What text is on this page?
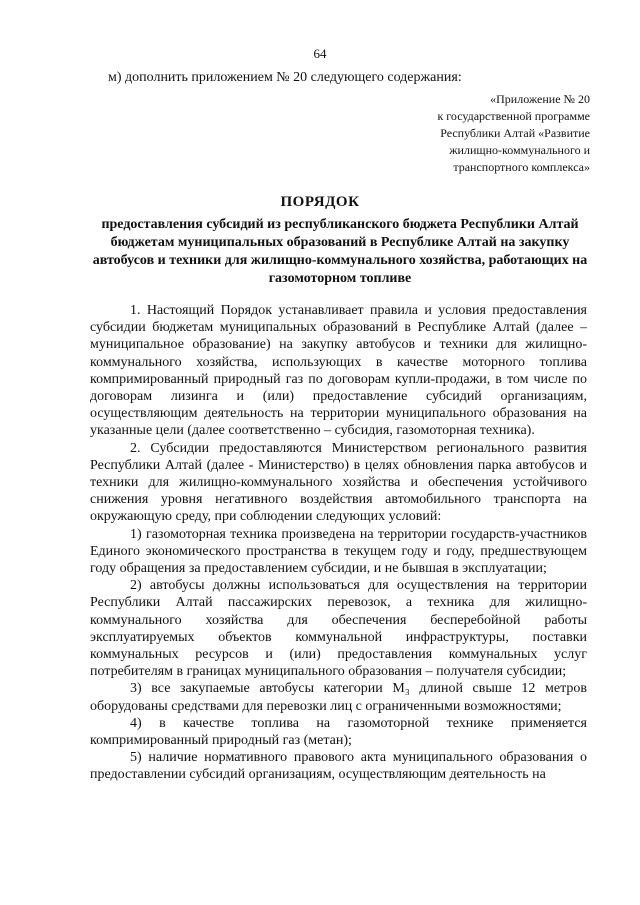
64
м) дополнить приложением № 20 следующего содержания:
«Приложение № 20
к государственной программе
Республики Алтай «Развитие
жилищно-коммунального и
транспортного комплекса»
ПОРЯДОК
предоставления субсидий из республиканского бюджета Республики Алтай бюджетам муниципальных образований в Республике Алтай на закупку автобусов и техники для жилищно-коммунального хозяйства, работающих на газомоторном топливе

1. Настоящий Порядок устанавливает правила и условия предоставления субсидии бюджетам муниципальных образований в Республике Алтай (далее – муниципальное образование) на закупку автобусов и техники для жилищно-коммунального хозяйства, использующих в качестве моторного топлива компримированный природный газ по договорам купли-продажи, в том числе по договорам лизинга и (или) предоставление субсидий организациям, осуществляющим деятельность на территории муниципального образования на указанные цели (далее соответственно – субсидия, газомоторная техника).

2. Субсидии предоставляются Министерством регионального развития Республики Алтай (далее - Министерство) в целях обновления парка автобусов и техники для жилищно-коммунального хозяйства и обеспечения устойчивого снижения уровня негативного воздействия автомобильного транспорта на окружающую среду, при соблюдении следующих условий:

1) газомоторная техника произведена на территории государств-участников Единого экономического пространства в текущем году и году, предшествующем году обращения за предоставлением субсидии, и не бывшая в эксплуатации;

2) автобусы должны использоваться для осуществления на территории Республики Алтай пассажирских перевозок, а техника для жилищно-коммунального хозяйства для обеспечения бесперебойной работы эксплуатируемых объектов коммунальной инфраструктуры, поставки коммунальных ресурсов и (или) предоставления коммунальных услуг потребителям в границах муниципального образования – получателя субсидии;

3) все закупаемые автобусы категории М₃ длиной свыше 12 метров оборудованы средствами для перевозки лиц с ограниченными возможностями;

4) в качестве топлива на газомоторной технике применяется компримированный природный газ (метан);

5) наличие нормативного правового акта муниципального образования о предоставлении субсидий организациям, осуществляющим деятельность на
